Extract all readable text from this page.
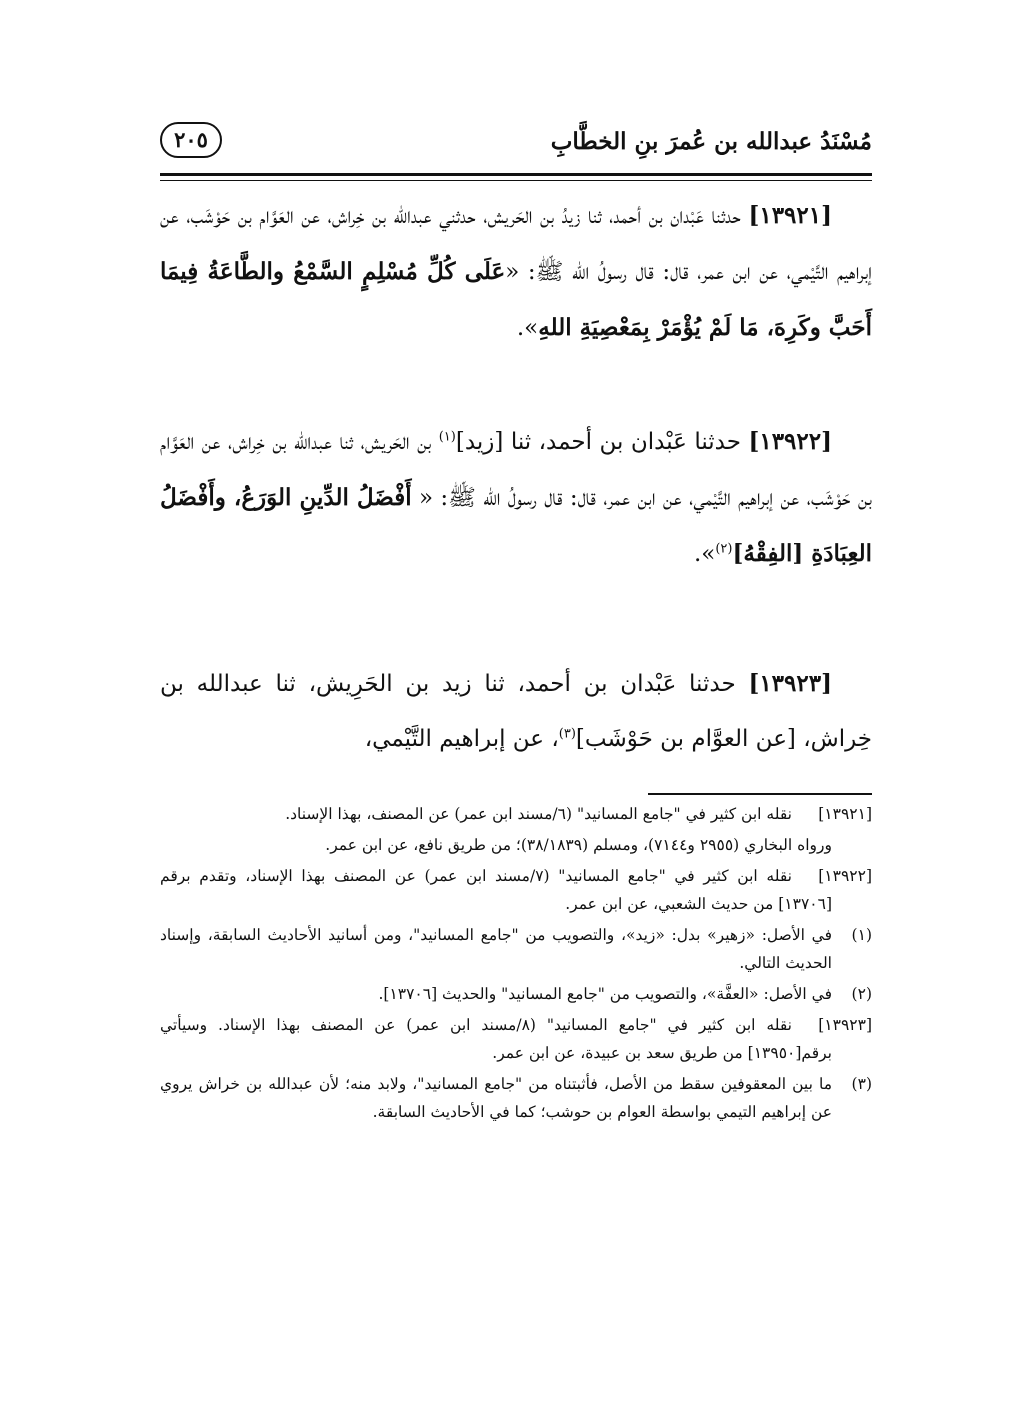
مُسْنَدُ عبدالله بن عُمرَ بنِ الخطَّابِ
٢٠٥
[١٣٩٢١] حدثنا عَبْدان بن أحمد، ثنا زيدُ بن الحَريش، حدثني عبدالله بن خِراش، عن العَوَّام بن حَوْشَب، عن إبراهيم التَّيْمي، عن ابن عمر، قال: قال رسولُ الله ﷺ: «عَلَى كُلِّ مُسْلِمٍ السَّمْعُ والطَّاعَةُ فِيمَا أَحَبَّ وكَرِهَ، مَا لَمْ يُؤْمَرْ بِمَعْصِيَةِ اللهِ».
[١٣٩٢٢] حدثنا عَبْدان بن أحمد، ثنا [زيد]$^{(١)}$ بن الحَريش، ثنا عبدالله بن خِراش، عن العَوَّام بن حَوْشَب، عن إبراهيم التَّيْمي، عن ابن عمر، قال: قال رسولُ الله ﷺ: « أَفْضَلُ الدِّينِ الوَرَعُ، وأَفْضَلُ العِبَادَةِ [الفِقْهُ]$^{(٢)}$».
[١٣٩٢٣] حدثنا عَبْدان بن أحمد، ثنا زيد بن الحَرِيش، ثنا عبدالله بن خِراش، [عن العوَّام بن حَوْشَب]$^{(٣)}$، عن إبراهيم التَّيْمي،
[١٣٩٢١]
نقله ابن كثير في "جامع المسانيد" (٦/مسند ابن عمر) عن المصنف، بهذا الإسناد.
ورواه البخاري (٢٩٥٥ و٧١٤٤)، ومسلم (٣٨/١٨٣٩)؛ من طريق نافع، عن ابن عمر.
[١٣٩٢٢]
نقله ابن كثير في "جامع المسانيد" (٧/مسند ابن عمر) عن المصنف بهذا الإسناد، وتقدم برقم [١٣٧٠٦] من حديث الشعبي، عن ابن عمر.
(١)
في الأصل: «زهير» بدل: «زيد»، والتصويب من "جامع المسانيد"، ومن أسانيد الأحاديث السابقة، وإسناد الحديث التالي.
(٢)
في الأصل: «العفَّة»، والتصويب من "جامع المسانيد" والحديث [١٣٧٠٦].
[١٣٩٢٣]
نقله ابن كثير في "جامع المسانيد" (٨/مسند ابن عمر) عن المصنف بهذا الإسناد. وسيأتي برقم[١٣٩٥٠] من طريق سعد بن عبيدة، عن ابن عمر.
(٣)
ما بين المعقوفين سقط من الأصل، فأثبتناه من "جامع المسانيد"، ولابد منه؛ لأن عبدالله بن خراش يروي عن إبراهيم التيمي بواسطة العوام بن حوشب؛ كما في الأحاديث السابقة.
